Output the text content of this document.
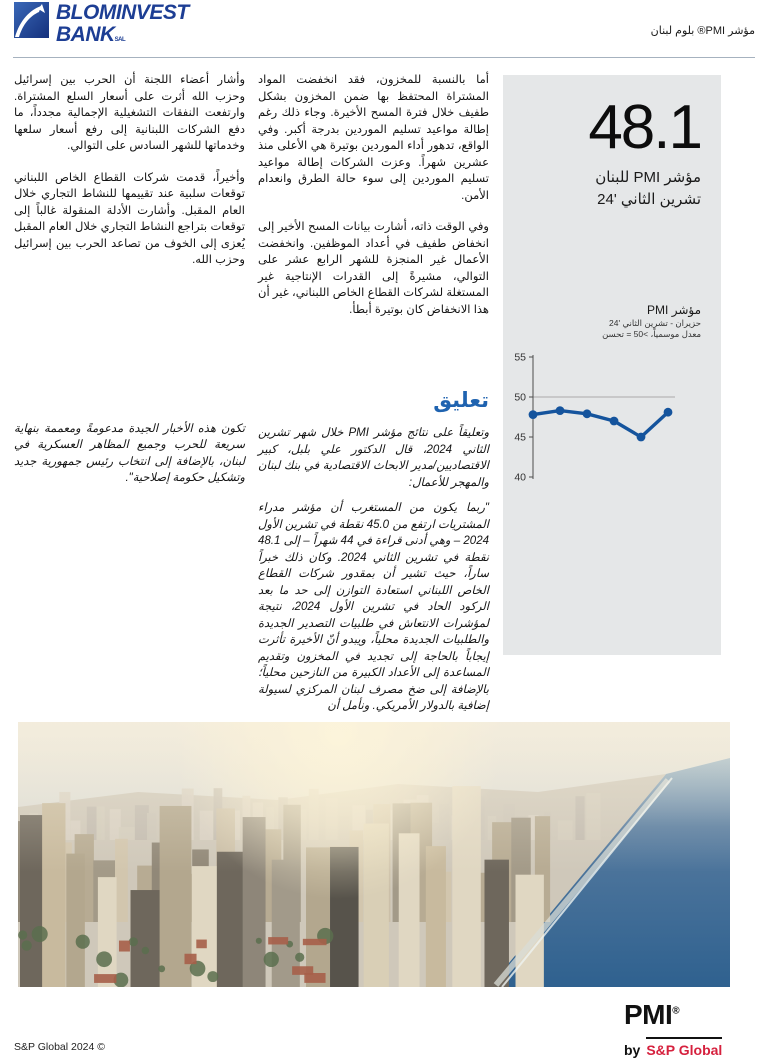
BLOMINVEST
BANKSAL
مؤشر PMI® بلوم لبنان

أما بالنسبة للمخزون، فقد انخفضت المواد المشتراة المحتفظ بها ضمن المخزون بشكل طفيف خلال فترة المسح الأخيرة. وجاء ذلك رغم إطالة مواعيد تسليم الموردين بدرجة أكبر. وفي الواقع، تدهور أداء الموردين بوتيرة هي الأعلى منذ عشرين شهراً. وعزت الشركات إطالة مواعيد تسليم الموردين إلى سوء حالة الطرق وانعدام الأمن.

وفي الوقت ذاته، أشارت بيانات المسح الأخير إلى انخفاض طفيف في أعداد الموظفين. وانخفضت الأعمال غير المنجزة للشهر الرابع عشر على التوالي، مشيرةً إلى القدرات الإنتاجية غير المستغلة لشركات القطاع الخاص اللبناني، غير أن هذا الانخفاض كان بوتيرة أبطأ.

تعليق

وتعليقاً على نتائج مؤشر PMI خلال شهر تشرين الثاني 2024، قال الدكتور علي بلبل، كبير الاقتصاديين/مدير الابحاث الاقتصادية في بنك لبنان والمهجر للأعمال:

"ربما يكون من المستغرب أن مؤشر مدراء المشتريات ارتفع من 45.0 نقطة في تشرين الأول 2024 – وهي أدنى قراءة في 44 شهراً – إلى 48.1 نقطة في تشرين الثاني 2024. وكان ذلك خبراً ساراً، حيث تشير أن بمقدور شركات القطاع الخاص اللبناني استعادة التوازن إلى حد ما بعد الركود الحاد في تشرين الأول 2024، نتيجة لمؤشرات الانتعاش في طلبيات التصدير الجديدة والطلبيات الجديدة محلياً، ويبدو أنّ الأخيرة تأثرت إيجاباً بالحاجة إلى تجديد في المخزون وتقديم المساعدة إلى الأعداد الكبيرة من النازحين محلياً؛ بالإضافة إلى ضخ مصرف لبنان المركزي لسيولة إضافية بالدولار الأمريكي. ونأمل أن

وأشار أعضاء اللجنة أن الحرب بين إسرائيل وحزب الله أثرت على أسعار السلع المشتراة. وارتفعت النفقات التشغيلية الإجمالية مجدداً، ما دفع الشركات اللبنانية إلى رفع أسعار سلعها وخدماتها للشهر السادس على التوالي.

وأخيراً، قدمت شركات القطاع الخاص اللبناني توقعات سلبية عند تقييمها للنشاط التجاري خلال العام المقبل. وأشارت الأدلة المنقولة غالباً إلى توقعات بتراجع النشاط التجاري خلال العام المقبل يُعزى إلى الخوف من تصاعد الحرب بين إسرائيل وحزب الله.

تكون هذه الأخبار الجيدة مدعومةً ومعممة بنهاية سريعة للحرب وجميع المظاهر العسكرية في لبنان، بالإضافة إلى انتخاب رئيس جمهورية جديد وتشكيل حكومة إصلاحية".

48.1
مؤشر PMI للبنان
تشرين الثاني '24
مؤشر PMI
حزيران - تشرين الثاني '24
معدل موسمياً، >50 = تحسن
40
45
50
55
S&P Global 2024 ©
PMI®
by S&P Global
